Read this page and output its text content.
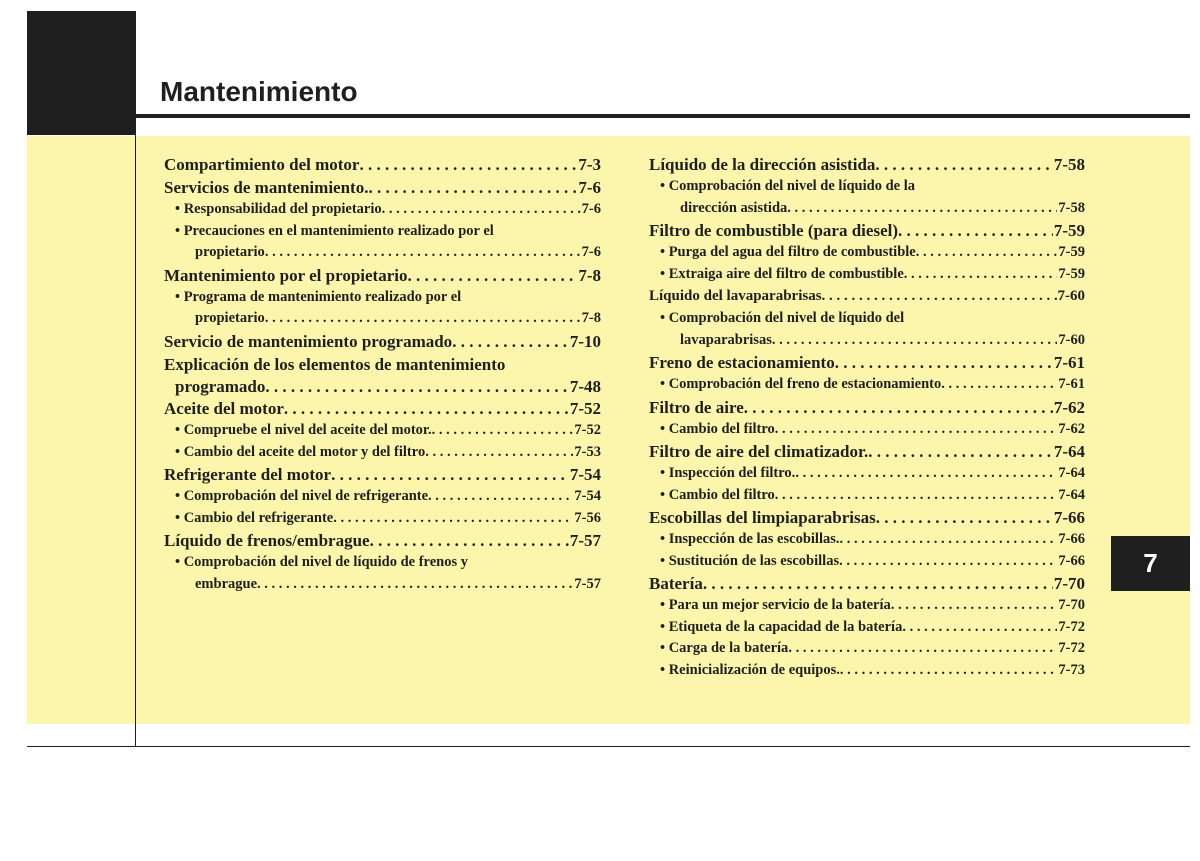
Mantenimiento
7
Compartimiento del motor . . .	7-3
Servicios de mantenimiento. . . .	7-6
• Responsabilidad del propietario . . .	7-6
• Precauciones en el mantenimiento realizado por el
propietario . . .	7-6
Mantenimiento por el propietario . . .	7-8
• Programa de mantenimiento realizado por el
propietario . . .	7-8
Servicio de mantenimiento programado . . .	7-10
Explicación de los elementos de mantenimiento
programado . . .	7-48
Aceite del motor . . .	7-52
• Compruebe el nivel del aceite del motor. . . .	7-52
• Cambio del aceite del motor y del filtro . . .	7-53
Refrigerante del motor . . .	7-54
• Comprobación del nivel de refrigerante . . .	7-54
• Cambio del refrigerante . . .	7-56
Líquido de frenos/embrague . . .	7-57
• Comprobación del nivel de líquido de frenos y
embrague . . .	7-57
Líquido de la dirección asistida . . .	7-58
• Comprobación del nivel de líquido de la
dirección asistida . . .	7-58
Filtro de combustible (para diesel) . . .	7-59
• Purga del agua del filtro de combustible . . .	7-59
• Extraiga aire del filtro de combustible . . .	7-59
Líquido del lavaparabrisas . . .	7-60
• Comprobación del nivel de líquido del
lavaparabrisas . . .	7-60
Freno de estacionamiento . . .	7-61
• Comprobación del freno de estacionamiento . . .	7-61
Filtro de aire . . .	7-62
• Cambio del filtro . . .	7-62
Filtro de aire del climatizador. . . .	7-64
• Inspección del filtro. . . .	7-64
• Cambio del filtro . . .	7-64
Escobillas del limpiaparabrisas . . .	7-66
• Inspección de las escobillas. . . .	7-66
• Sustitución de las escobillas . . .	7-66
Batería . . .	7-70
• Para un mejor servicio de la batería . . .	7-70
• Etiqueta de la capacidad de la batería . . .	7-72
• Carga de la batería . . .	7-72
• Reinicialización de equipos. . . .	7-73
